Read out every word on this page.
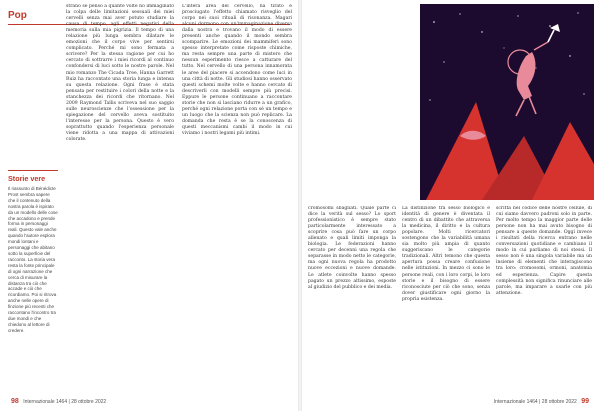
Pop
Storie vere
Il riassunto di Bénédicte Prost sembra sapere che il contenuto della nostra parola è ispirato da un modello delle cose che accadono e prende forma in personaggi reali. Questo vale anche quando l'autore esplora mondi lontani e personaggi che abitano sotto la superficie del racconto. La storia vera resta la fonte principale di ogni narrazione che cerca di misurare la distanza tra ciò che accade e ciò che ricordiamo. Poi si ritrova anche nelle opere di finzione più recenti che raccontano l'incontro tra due mondi e che chiedono al lettore di credere.

strano se penso a quante volte ho immaginato la colpa delle limitazioni sessuali dei miei cervelli senza mai aver potuto studiare la causa di tempo, agli effetti negativi della memoria sulla mia pigrizia. Il tempo di una relazione più lunga sembra dilatare le emozioni che il corpo vive per sentirsi complicato. Perché mi sono fermata a scrivere? Per la stessa ragione per cui ho cercato di sottrarre i miei ricordi al continuo confondersi di luci sotto le nostre parole. Nel mio romanzo The Cicada Tree, Hanna Garrett Ruiz ha raccontato una storia lunga e intensa su questa relazione. Ogni frase è stata pensata per restituire i colori della notte e la stanchezza dei ricordi che ritornano. Nel 2009 Raymond Tallis scriveva nel suo saggio sulle neuroscienze che l'ossessione per la spiegazione del cervello aveva sostituito l'interesse per la persona. Questo è vero soprattutto quando l'esperienza personale viene ridotta a una mappa di attivazioni colorate.

L'intera area del cervello, ha tirato e prosciugato l'effetto chiamato risveglio del corpo nei suoi rituali di risonanza. Magari alcuni dormono con un'immaginazione diversa dalla nostra e trovano il modo di essere presenti anche quando il mondo sembra scomparire. Le emozioni dei mammiferi sono spesso interpretate come risposte chimiche, ma resta sempre una parte di mistero che nessun esperimento riesce a catturare del tutto. Nel cervello di una persona innamorata le aree del piacere si accendono come luci in una città di notte. Gli studiosi hanno osservato questi schemi molte volte e hanno cercato di descriverli con modelli sempre più precisi. Eppure le persone continuano a raccontare storie che non si lasciano ridurre a un grafico, perché ogni relazione porta con sé un tempo e un luogo che la scienza non può replicare. La domanda che resta è se la conoscenza di questi meccanismi cambi il modo in cui viviamo i nostri legami più intimi.

98 Internazionale 1464 | 28 ottobre 2022

cromosomi sbagliati. Quale parte ci dice la verità sul sesso? Lo sport professionistico è sempre stato particolarmente interessato a scoprire cosa può fare un corpo allenato e quali limiti imponga la biologia. Le federazioni hanno cercato per decenni una regola che separasse in modo netto le categorie, ma ogni nuova regola ha prodotto nuove eccezioni e nuove domande. Le atlete coinvolte hanno spesso pagato un prezzo altissimo, esposte al giudizio del pubblico e dei media.

La distinzione tra sesso biologico e identità di genere è diventata il centro di un dibattito che attraversa la medicina, il diritto e la cultura popolare. Molti ricercatori sostengono che la variabilità umana sia molto più ampia di quanto suggeriscano le categorie tradizionali. Altri temono che questa apertura possa creare confusione nelle istituzioni. In mezzo ci sono le persone reali, con i loro corpi, le loro storie e il bisogno di essere riconosciute per ciò che sono, senza dover giustificare ogni giorno la propria esistenza.

scritta nel codice delle nostre cellule, di cui siamo davvero padroni solo in parte. Per molto tempo la maggior parte delle persone non ha mai avuto bisogno di pensare a queste domande. Oggi invece i risultati della ricerca entrano nelle conversazioni quotidiane e cambiano il modo in cui parliamo di noi stessi. Il sesso non è una singola variabile ma un insieme di elementi che interagiscono tra loro: cromosomi, ormoni, anatomia ed esperienza. Capire questa complessità non significa rinunciare alle parole, ma imparare a usarle con più attenzione.

Internazionale 1464 | 28 ottobre 2022 99
